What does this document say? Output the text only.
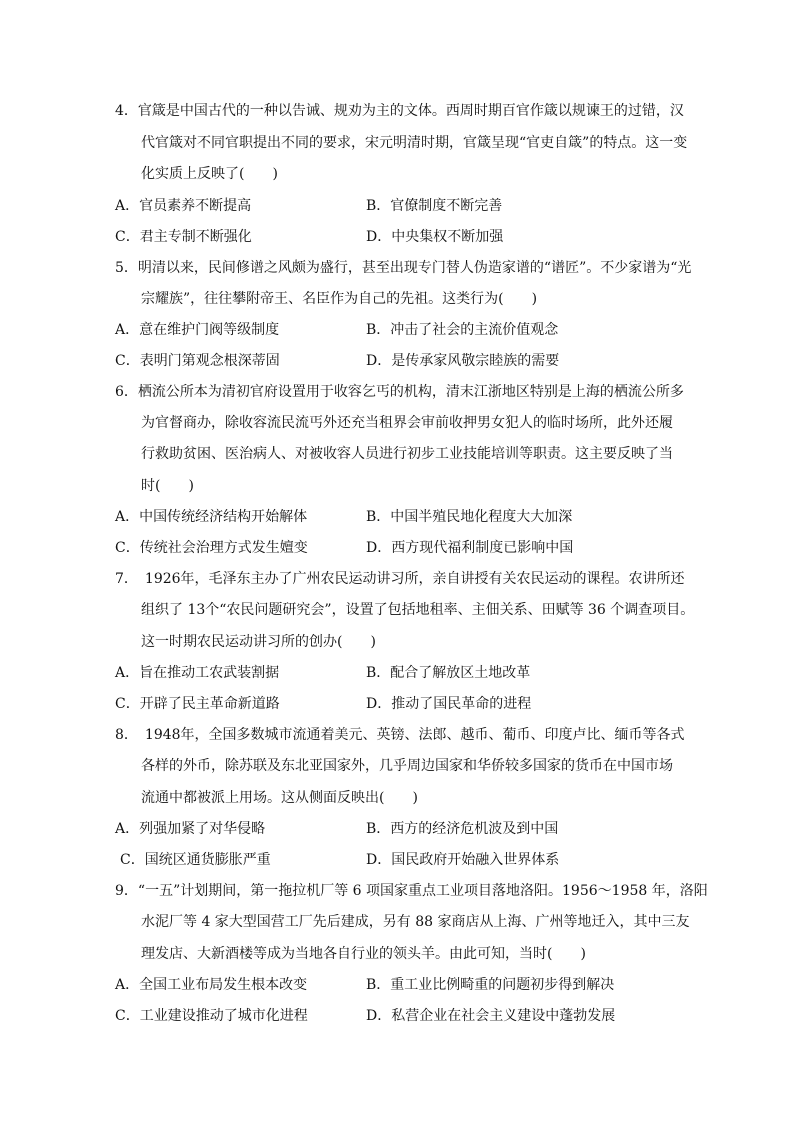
4．官箴是中国古代的一种以告诫、规劝为主的文体。西周时期百官作箴以规谏王的过错，汉
代官箴对不同官职提出不同的要求，宋元明清时期，官箴呈现“官吏自箴”的特点。这一变
化实质上反映了(　　)
A．官员素养不断提高	B．官僚制度不断完善
C．君主专制不断强化	D．中央集权不断加强
5．明清以来，民间修谱之风颇为盛行，甚至出现专门替人伪造家谱的“谱匠”。不少家谱为“光
宗耀族”，往往攀附帝王、名臣作为自己的先祖。这类行为(　　)
A．意在维护门阀等级制度	B．冲击了社会的主流价值观念
C．表明门第观念根深蒂固	D．是传承家风敬宗睦族的需要
6．栖流公所本为清初官府设置用于收容乞丐的机构，清末江浙地区特别是上海的栖流公所多
为官督商办，除收容流民流丐外还充当租界会审前收押男女犯人的临时场所，此外还履
行救助贫困、医治病人、对被收容人员进行初步工业技能培训等职责。这主要反映了当
时(　　)
A．中国传统经济结构开始解体	B．中国半殖民地化程度大大加深
C．传统社会治理方式发生嬗变	D．西方现代福利制度已影响中国
7．　1926年，毛泽东主办了广州农民运动讲习所，亲自讲授有关农民运动的课程。农讲所还
组织了 13个“农民问题研究会”，设置了包括地租率、主佃关系、田赋等 36 个调查项目。
这一时期农民运动讲习所的创办(　　)
A．旨在推动工农武装割据	B．配合了解放区土地改革
C．开辟了民主革命新道路	D．推动了国民革命的进程
8．　1948年，全国多数城市流通着美元、英镑、法郎、越币、葡币、印度卢比、缅币等各式
各样的外币，除苏联及东北亚国家外，几乎周边国家和华侨较多国家的货币在中国市场
流通中都被派上用场。这从侧面反映出(　　)
A．列强加紧了对华侵略	B．西方的经济危机波及到中国
C．国统区通货膨胀严重	D．国民政府开始融入世界体系
9．“一五”计划期间，第一拖拉机厂等 6 项国家重点工业项目落地洛阳。1956～1958 年，洛阳
水泥厂等 4 家大型国营工厂先后建成，另有 88 家商店从上海、广州等地迁入，其中三友
理发店、大新酒楼等成为当地各自行业的领头羊。由此可知，当时(　　)
A．全国工业布局发生根本改变	B．重工业比例畸重的问题初步得到解决
C．工业建设推动了城市化进程	D．私营企业在社会主义建设中蓬勃发展
